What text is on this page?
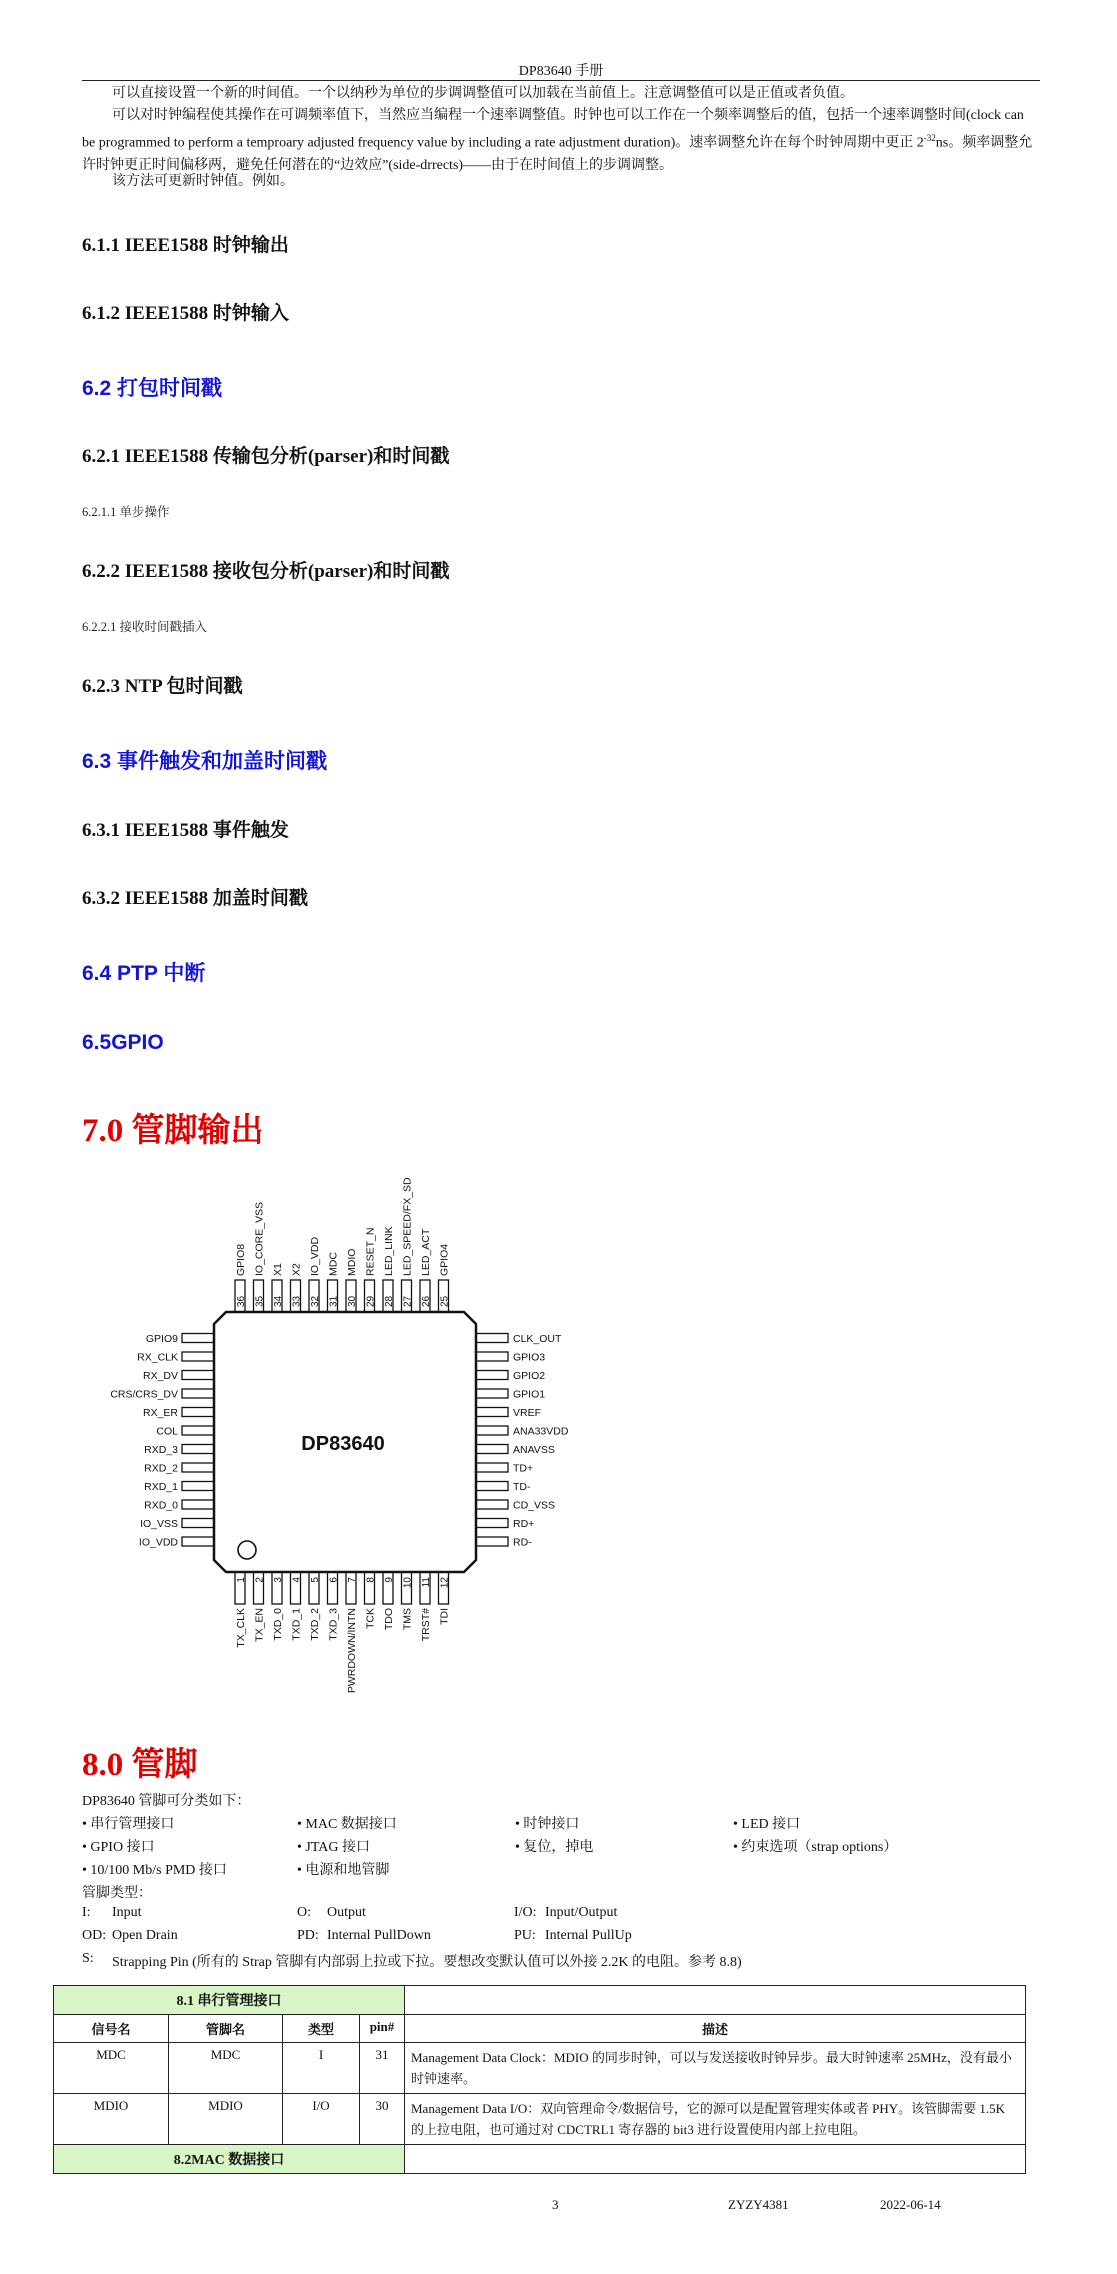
DP83640 手册

可以直接设置一个新的时间值。一个以纳秒为单位的步调调整值可以加载在当前值上。注意调整值可以是正值或者负值。

可以对时钟编程使其操作在可调频率值下，当然应当编程一个速率调整值。时钟也可以工作在一个频率调整后的值，包括一个速率调整时间(clock can be programmed to perform a temproary adjusted frequency value by including a rate adjustment duration)。速率调整允许在每个时钟周期中更正 $2^{-32}ns$。频率调整允许时钟更正时间偏移两，避免任何潜在的“边效应”(side-drrects)——由于在时间值上的步调调整。

该方法可更新时钟值。例如。

6.1.1 IEEE1588 时钟输出
6.1.2 IEEE1588 时钟输入
6.2 打包时间戳
6.2.1 IEEE1588 传输包分析(parser)和时间戳
6.2.1.1 单步操作
6.2.2 IEEE1588 接收包分析(parser)和时间戳
6.2.2.1 接收时间戳插入
6.2.3 NTP 包时间戳
6.3 事件触发和加盖时间戳
6.3.1 IEEE1588 事件触发
6.3.2 IEEE1588 加盖时间戳
6.4 PTP 中断
6.5GPIO
7.0 管脚输出
36
GPIO8
35
IO_CORE_VSS
34
X1
33
X2
32
IO_VDD
31
MDC
30
MDIO
29
RESET_N
28
LED_LINK
27
LED_SPEED/FX_SD
26
LED_ACT
25
GPIO4
1
TX_CLK
2
TX_EN
3
TXD_0
4
TXD_1
5
TXD_2
6
TXD_3
7
PWRDOWN/INTN
8
TCK
9
TDO
10
TMS
11
TRST#
12
TDI
GPIO9
RX_CLK
RX_DV
CRS/CRS_DV
RX_ER
COL
RXD_3
RXD_2
RXD_1
RXD_0
IO_VSS
IO_VDD
CLK_OUT
GPIO3
GPIO2
GPIO1
VREF
ANA33VDD
ANAVSS
TD+
TD-
CD_VSS
RD+
RD-
DP83640
8.0 管脚
DP83640 管脚可分类如下：
• 串行管理接口	• MAC 数据接口	• 时钟接口	• LED 接口
• GPIO 接口	• JTAG 接口	• 复位，掉电	• 约束选项（strap options）
• 10/100 Mb/s PMD 接口	• 电源和地管脚
管脚类型：
I: Input	O: Output	I/O: Input/Output
OD: Open Drain	PD: Internal PullDown	PU: Internal PullUp
S: Strapping Pin (所有的 Strap 管脚有内部弱上拉或下拉。要想改变默认值可以外接 2.2K 的电阻。参考 8.8)
8.1 串行管理接口				
信号名	管脚名	类型	pin#	描述
MDC	MDC	I	31	Management Data Clock：MDIO 的同步时钟，可以与发送接收时钟异步。最大时钟速率 25MHz，没有最小时钟速率。
MDIO	MDIO	I/O	30	Management Data I/O：双向管理命令/数据信号，它的源可以是配置管理实体或者 PHY。该管脚需要 1.5K 的上拉电阻，也可通过对 CDCTRL1 寄存器的 bit3 进行设置使用内部上拉电阻。
8.2MAC 数据接口				
3	ZYZY4381	2022-06-14
